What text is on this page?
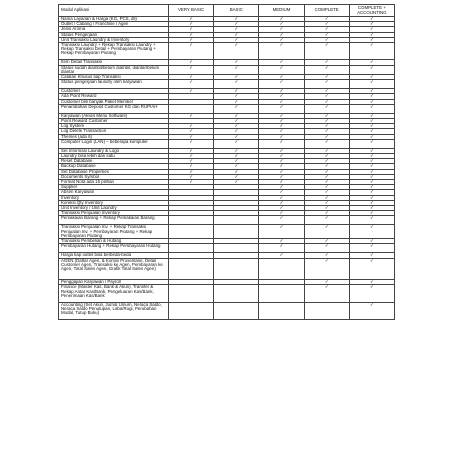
Modul Aplikasi	VERY BASIC	BASIC	MEDIUM	COMPLETE	COMPLETE + ACCOUNTING
Nama Layanan & Harga (KG, PCS, dll)	✓	✓	✓	✓	✓
Outlet / Cabang / Franchise / Agen	✓	✓	✓	✓	✓
Jenis Aroma	✓	✓	✓	✓	✓
Status Pengerjaan	✓	✓	✓	✓	✓
Unit Transaksi Laundry & Inventory	✓	✓	✓	✓	✓
Transaksi Laundry + Rekap Transaksi Laundry + Rekap Transaksi Detail + Pembayaran Piutang + Rekap Pembayaran Piutang	✓	✓	✓	✓	✓
Item Detail Transaksi	✓	✓	✓	✓	✓
Status sudah diambil/belum diambil, diantar/belum diantar	✓	✓	✓	✓	✓
Catatan Khusus tiap Transaksi	✓	✓	✓	✓	✓
Status pengerjaan laundry oleh karyawan	✓	✓	✓	✓	✓
Customer	✓	✓	✓	✓	✓
Ada Point Reward		✓	✓	✓	✓
Customer beli banyak Paket Member		✓	✓	✓	✓
Penambahan Deposit Customer KG dan RUPIAH		✓	✓	✓	✓
Karyawan (Akses Menu Software)	✓	✓	✓	✓	✓
Point Reward Customer		✓	✓	✓	✓
Log System	✓	✓	✓	✓	✓
Log Delete Transaction	✓	✓	✓	✓	✓
Themes (ada 6)	✓	✓	✓	✓	✓
Computer Login (LAN) – beberapa komputer	✓	✓	✓	✓	✓
Set Informasi Laundry & Logo	✓	✓	✓	✓	✓
Laundry bisa lebih dari satu	✓	✓	✓	✓	✓
Reset Database	✓	✓	✓	✓	✓
Backup Database	✓	✓	✓	✓	✓
Set Database Properties	✓	✓	✓	✓	✓
Documents Symbol	✓	✓	✓	✓	✓
Format Nota ada 15 pilihan	✓	✓	✓	✓	✓
Supplier			✓	✓	✓
Absen Karyawan			✓	✓	✓
Inventory			✓	✓	✓
Koreksi Qty Inventory			✓	✓	✓
Unit Inventory / Unit Laundry			✓	✓	✓
Transaksi Penjualan Inventory			✓	✓	✓
Pemakaian Barang + Rekap Pemakaian Barang			✓	✓	✓
Transaksi Penjualan Inv. + Rekap Transaksi Penjualan Inv. + Pembayaran Piutang + Rekap Pembayaran Piutang			✓	✓	✓
Transaksi Pembelian & Hutang			✓	✓	✓
Pembayaran Hutang + Rekap Pembayaran Hutang			✓	✓	✓
Harga tiap outlet bisa berbeda-beda			✓	✓	✓
AGEN (Daftar Agen, & Komisi Prosentase, Detail Customer Agen, Transaksi ke Agen, Pembayaran ke Agen, Total Sales Agen, Grafik Total Sales Agen)				✓	✓
Penggajian Karyawan / Payroll				✓	✓
Finance (Master Kas, Bank & Akun), Transfer & Rekap Antar Kas/Bank, Pengeluaran Kas/Bank, Penerimaan Kas/Bank				✓	✓
Accounting (Set Akun, Jurnal Umum, Neraca Saldo, Neraca Saldo Penutupan, Laba/Rugi, Perubahan Modal, Tutup Buku)					✓
